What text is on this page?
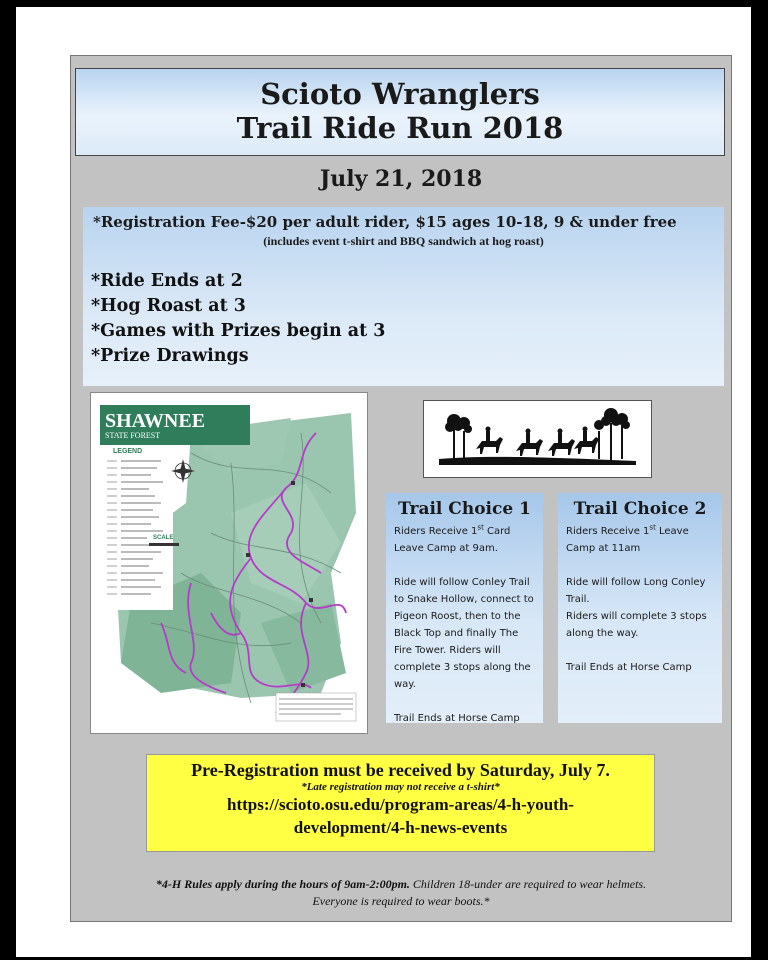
Scioto Wranglers
Trail Ride Run 2018
July 21, 2018
*Registration Fee-$20 per adult rider, $15 ages 10-18, 9 & under free
(includes event t-shirt and BBQ sandwich at hog roast)
*Ride Ends at 2
*Hog Roast at 3
*Games with Prizes begin at 3
*Prize Drawings
SHAWNEE
STATE FOREST
LEGEND
SCALE
Trail Choice 1

Riders Receive 1st Card Leave Camp at 9am.

Ride will follow Conley Trail to Snake Hollow, connect to Pigeon Roost, then to the Black Top and finally The Fire Tower. Riders will complete 3 stops along the way.

Trail Ends at Horse Camp

Trail Choice 2

Riders Receive 1st Leave Camp at 11am

Ride will follow Long Conley Trail.

Riders will complete 3 stops along the way.

Trail Ends at Horse Camp

Pre-Registration must be received by Saturday, July 7.
*Late registration may not receive a t-shirt*
https://scioto.osu.edu/program-areas/4-h-youth-
development/4-h-news-events
*4-H Rules apply during the hours of 9am-2:00pm. Children 18-under are required to wear helmets.
Everyone is required to wear boots.*
